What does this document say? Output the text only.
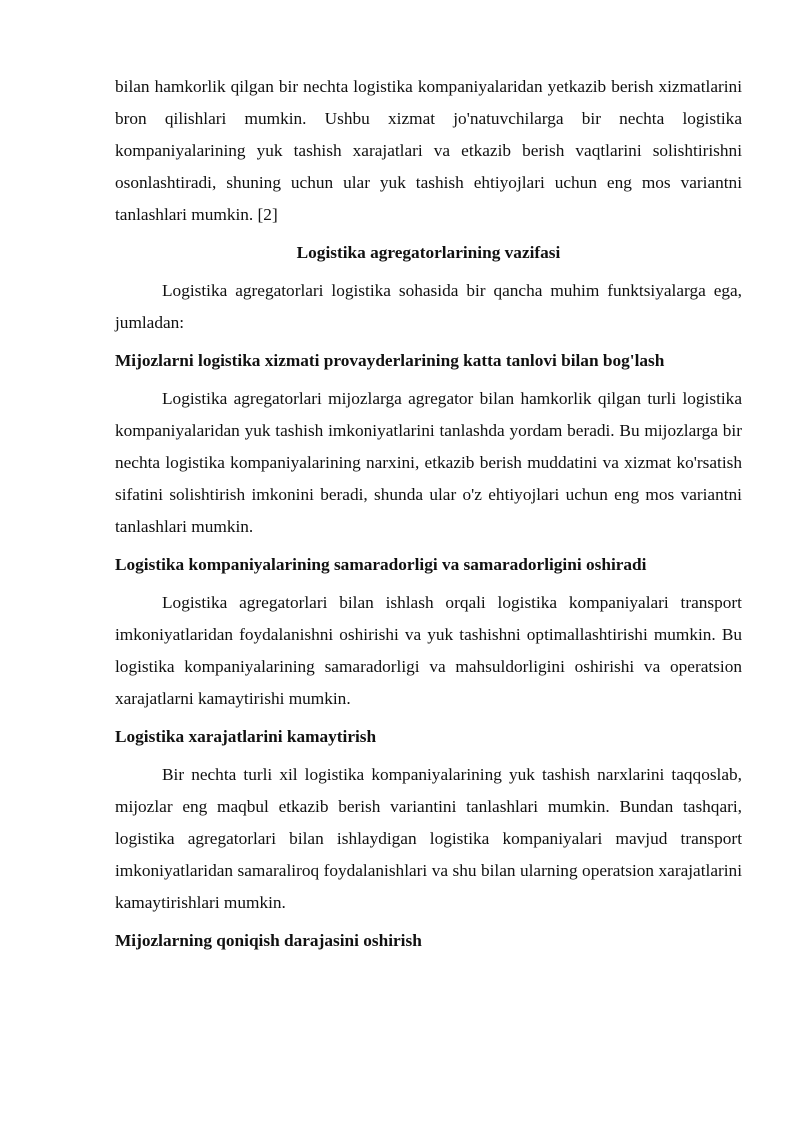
bilan hamkorlik qilgan bir nechta logistika kompaniyalaridan yetkazib berish xizmatlarini bron qilishlari mumkin. Ushbu xizmat jo'natuvchilarga bir nechta logistika kompaniyalarining yuk tashish xarajatlari va etkazib berish vaqtlarini solishtirishni osonlashtiradi, shuning uchun ular yuk tashish ehtiyojlari uchun eng mos variantni tanlashlari mumkin. [2]

Logistika agregatorlarining vazifasi

Logistika agregatorlari logistika sohasida bir qancha muhim funktsiyalarga ega, jumladan:

Mijozlarni logistika xizmati provayderlarining katta tanlovi bilan bog'lash

Logistika agregatorlari mijozlarga agregator bilan hamkorlik qilgan turli logistika kompaniyalaridan yuk tashish imkoniyatlarini tanlashda yordam beradi. Bu mijozlarga bir nechta logistika kompaniyalarining narxini, etkazib berish muddatini va xizmat ko'rsatish sifatini solishtirish imkonini beradi, shunda ular o'z ehtiyojlari uchun eng mos variantni tanlashlari mumkin.

Logistika kompaniyalarining samaradorligi va samaradorligini oshiradi

Logistika agregatorlari bilan ishlash orqali logistika kompaniyalari transport imkoniyatlaridan foydalanishni oshirishi va yuk tashishni optimallashtirishi mumkin. Bu logistika kompaniyalarining samaradorligi va mahsuldorligini oshirishi va operatsion xarajatlarni kamaytirishi mumkin.

Logistika xarajatlarini kamaytirish

Bir nechta turli xil logistika kompaniyalarining yuk tashish narxlarini taqqoslab, mijozlar eng maqbul etkazib berish variantini tanlashlari mumkin. Bundan tashqari, logistika agregatorlari bilan ishlaydigan logistika kompaniyalari mavjud transport imkoniyatlaridan samaraliroq foydalanishlari va shu bilan ularning operatsion xarajatlarini kamaytirishlari mumkin.

Mijozlarning qoniqish darajasini oshirish
